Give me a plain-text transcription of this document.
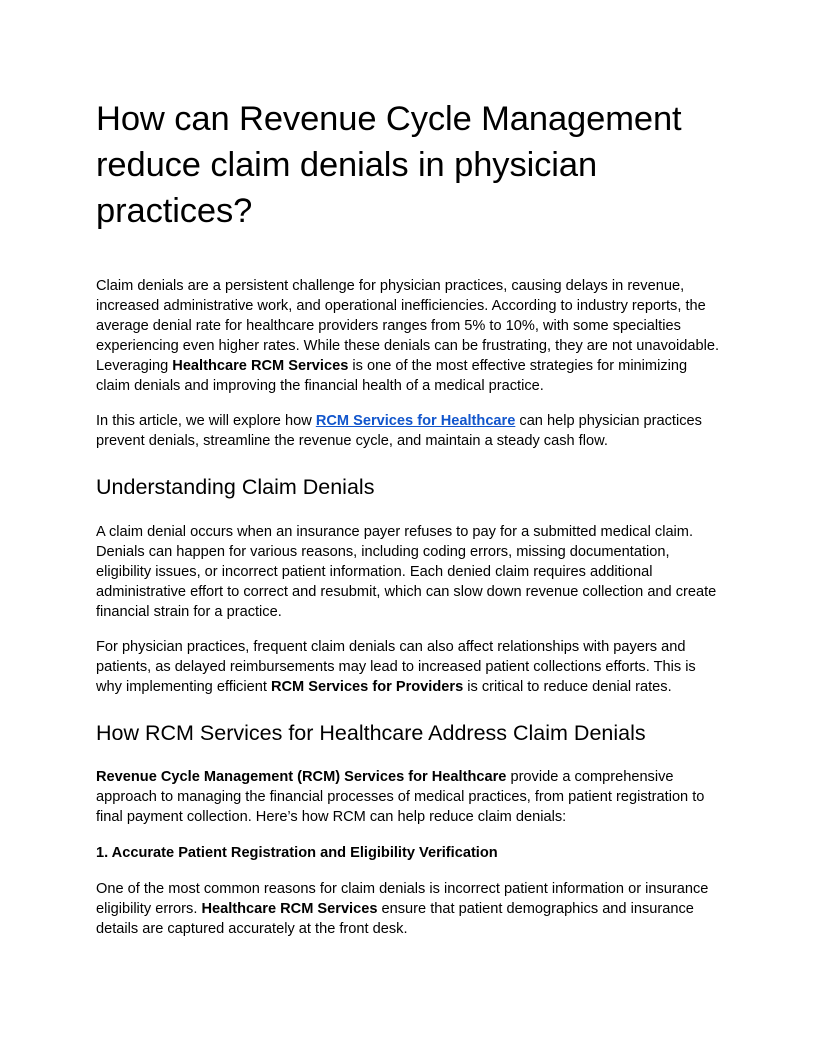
How can Revenue Cycle Management reduce claim denials in physician practices?

Claim denials are a persistent challenge for physician practices, causing delays in revenue, increased administrative work, and operational inefficiencies. According to industry reports, the average denial rate for healthcare providers ranges from 5% to 10%, with some specialties experiencing even higher rates. While these denials can be frustrating, they are not unavoidable. Leveraging Healthcare RCM Services is one of the most effective strategies for minimizing claim denials and improving the financial health of a medical practice.

In this article, we will explore how RCM Services for Healthcare can help physician practices prevent denials, streamline the revenue cycle, and maintain a steady cash flow.

Understanding Claim Denials

A claim denial occurs when an insurance payer refuses to pay for a submitted medical claim. Denials can happen for various reasons, including coding errors, missing documentation, eligibility issues, or incorrect patient information. Each denied claim requires additional administrative effort to correct and resubmit, which can slow down revenue collection and create financial strain for a practice.

For physician practices, frequent claim denials can also affect relationships with payers and patients, as delayed reimbursements may lead to increased patient collections efforts. This is why implementing efficient RCM Services for Providers is critical to reduce denial rates.

How RCM Services for Healthcare Address Claim Denials

Revenue Cycle Management (RCM) Services for Healthcare provide a comprehensive approach to managing the financial processes of medical practices, from patient registration to final payment collection. Here’s how RCM can help reduce claim denials:

1. Accurate Patient Registration and Eligibility Verification

One of the most common reasons for claim denials is incorrect patient information or insurance eligibility errors. Healthcare RCM Services ensure that patient demographics and insurance details are captured accurately at the front desk.
